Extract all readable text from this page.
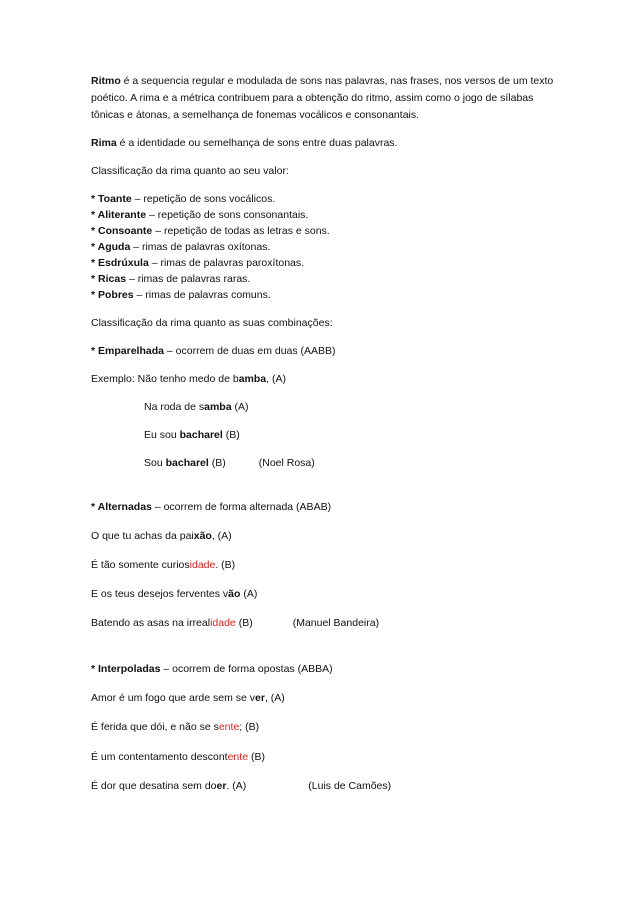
Ritmo é a sequencia regular e modulada de sons nas palavras, nas frases, nos versos de um texto
poético. A rima e a métrica contribuem para a obtenção do ritmo, assim como o jogo de sílabas
tônicas e átonas, a semelhança de fonemas vocálicos e consonantais.
Rima é a identidade ou semelhança de sons entre duas palavras.
Classificação da rima quanto ao seu valor:
* Toante – repetição de sons vocálicos.
* Aliterante – repetição de sons consonantais.
* Consoante – repetição de todas as letras e sons.
* Aguda – rimas de palavras oxítonas.
* Esdrúxula – rimas de palavras paroxítonas.
* Ricas – rimas de palavras raras.
* Pobres – rimas de palavras comuns.
Classificação da rima quanto as suas combinações:
* Emparelhada – ocorrem de duas em duas (AABB)
Exemplo: Não tenho medo de bamba, (A)
Na roda de samba (A)
Eu sou bacharel (B)
Sou bacharel (B)	(Noel Rosa)
* Alternadas – ocorrem de forma alternada (ABAB)
O que tu achas da paixão, (A)
É tão somente curiosidade. (B)
E os teus desejos ferventes vão (A)
Batendo as asas na irrealidade (B)	(Manuel Bandeira)
* Interpoladas – ocorrem de forma opostas (ABBA)
Amor é um fogo que arde sem se ver, (A)
É ferida que dói, e não se sente; (B)
É um contentamento descontente (B)
É dor que desatina sem doer. (A)	(Luis de Camões)
